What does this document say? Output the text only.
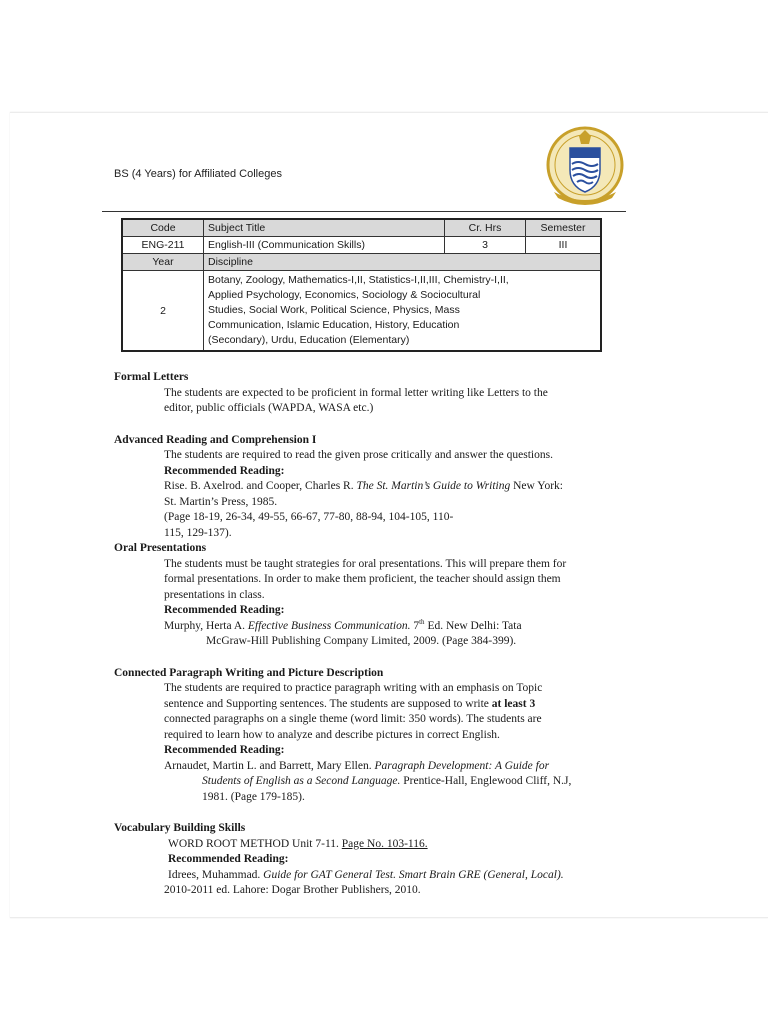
BS (4 Years) for Affiliated Colleges
Code	Subject Title	Cr. Hrs	Semester
ENG-211	English-III (Communication Skills)	3	III
Year	Discipline		
2	Botany, Zoology, Mathematics-I,II, Statistics-I,II,III, Chemistry-I,II,
Applied Psychology, Economics, Sociology & Sociocultural
Studies, Social Work, Political Science, Physics, Mass
Communication, Islamic Education, History, Education
(Secondary), Urdu, Education (Elementary)		
Formal Letters
The students are expected to be proficient in formal letter writing like Letters to the
editor, public officials (WAPDA, WASA etc.)
Advanced Reading and Comprehension I
The students are required to read the given prose critically and answer the questions.
Recommended Reading:
Rise. B. Axelrod. and Cooper, Charles R. The St. Martin’s Guide to Writing New York:
St. Martin’s Press, 1985.
(Page 18-19, 26-34, 49-55, 66-67, 77-80, 88-94, 104-105, 110-
115, 129-137).
Oral Presentations
The students must be taught strategies for oral presentations. This will prepare them for
formal presentations. In order to make them proficient, the teacher should assign them
presentations in class.
Recommended Reading:
Murphy, Herta A. Effective Business Communication. 7th Ed. New Delhi: Tata
McGraw-Hill Publishing Company Limited, 2009. (Page 384-399).
Connected Paragraph Writing and Picture Description
The students are required to practice paragraph writing with an emphasis on Topic
sentence and Supporting sentences. The students are supposed to write at least 3
connected paragraphs on a single theme (word limit: 350 words). The students are
required to learn how to analyze and describe pictures in correct English.
Recommended Reading:
Arnaudet, Martin L. and Barrett, Mary Ellen. Paragraph Development: A Guide for
Students of English as a Second Language. Prentice-Hall, Englewood Cliff, N.J,
1981. (Page 179-185).
Vocabulary Building Skills
WORD ROOT METHOD Unit 7-11. Page No. 103-116.
Recommended Reading:
Idrees, Muhammad. Guide for GAT General Test. Smart Brain GRE (General, Local).
2010-2011 ed. Lahore: Dogar Brother Publishers, 2010.
